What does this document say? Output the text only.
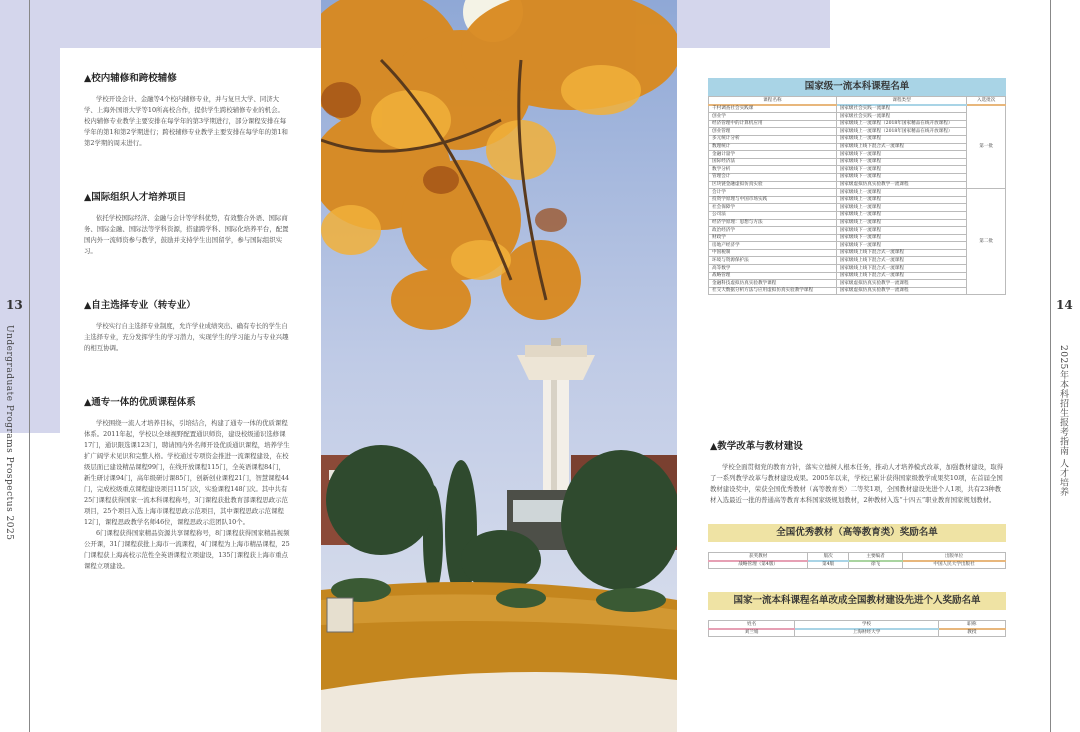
13
Undergraduate Programs Prospectus 2025
14
2025年本科招生报考指南 人才培养
▲校内辅修和跨校辅修

学校开设会计、金融等4个校内辅修专业，并与复旦大学、同济大学、上海外国语大学等10所高校合作，提供学生跨校辅修专业的机会。校内辅修专业教学主要安排在每学年的第3学期进行，部分课程安排在每学年的第1和第2学期进行；跨校辅修专业教学主要安排在每学年的第1和第2学期的周末进行。

▲国际组织人才培养项目

依托学校国际经济、金融与会计等学科优势，有效整合外语、国际商务、国际金融、国际法等学科资源，搭建跨学科、国际化培养平台，配置国内外一流师资参与教学，鼓励并支持学生出国留学，参与国际组织实习。

▲自主选择专业（转专业）

学校实行自主选择专业制度，允许学业成绩突出、确有专长的学生自主选择专业，充分发挥学生的学习潜力，实现学生的学习能力与专业兴趣的相互协调。

▲通专一体的优质课程体系

学校围绕一流人才培养目标，引培结合，构建了通专一体的优质课程体系。2011年起，学校以全球视野配置通识师资，建设校级通识选修课17门，通识限选课123门，聘请国内外名师开设优质通识课程，培养学生扩广阔学术见识和完整人格。学校通过专项资金推进一流课程建设，在校级层面已建设精品课程99门，在线开放课程115门，全英语课程84门，新生研讨课94门，高年级研讨课85门，创新创业课程21门，智慧课程44门，完成校级重点课程建设项目115门次，实验课程148门次。其中共有25门课程获得国家一流本科课程称号，3门课程获批教育部课程思政示范项目，25个项目入选上海市课程思政示范项目，其中课程思政示范课程12门，课程思政教学名师46位，课程思政示范团队10个。

6门课程获得国家精品资源共享课程称号，8门课程获得国家精品视频公开课，31门课程获批上海市一流课程，4门课程为上海市精品课程，25门课程获上海高校示范性全英语课程立项建设，135门课程获上海市重点课程立项建设。

国家级一流本科课程名单
课程名称	课程类型	入选批次
千村调查社会实践课	国家级社会实践一流课程	第一批
创业学	国家级社会实践一流课程	
经济管理中的计算机应用	国家级线上一流课程（2018年国家精品在线开放课程）	
创业管理	国家级线上一流课程（2018年国家精品在线开放课程）	
多元统计分析	国家级线上一流课程	
数理统计	国家级线上线下混合式一流课程	
金融计量学	国家级线下一流课程	
国际经济法	国家级线下一流课程	
数学分析	国家级线下一流课程	
管理会计	国家级线下一流课程	
区块链金融虚拟仿真实验	国家级虚拟仿真实验教学一流课程	
会计学	国家级线上一流课程	第二批
投资学原理与中国市场实践	国家级线上一流课程	
社会保障学	国家级线上一流课程	
公司法	国家级线上一流课程	
经济学原理：思想与方法	国家级线上一流课程	
政治经济学	国家级线下一流课程	
财政学	国家级线下一流课程	
房地产经济学	国家级线下一流课程	
中国税制	国家级线上线下混合式一流课程	
环境与资源保护法	国家级线上线下混合式一流课程	
高等数学	国家级线上线下混合式一流课程	
战略管理	国家级线上线下混合式一流课程	
金融科技虚拟仿真实验教学课程	国家级虚拟仿真实验教学一流课程	
社交大数据分析方法与应用虚拟仿真实验教学课程	国家级虚拟仿真实验教学一流课程	
▲教学改革与教材建设

学校全面贯彻党的教育方针，落实立德树人根本任务，推动人才培养模式改革，加强教材建设，取得了一系列教学改革与教材建设成果。2005年以来，学校已累计获得国家级教学成果奖10项，在首届全国教材建设奖中，荣获全国优秀教材（高等教育类）二等奖1项，全国教材建设先进个人1项，共有23种教材入选最近一批的普通高等教育本科国家级规划教材，2种教材入选“十四五”职业教育国家规划教材。

全国优秀教材（高等教育类）奖励名单
获奖教材	版次	主要编者	出版单位
战略管理（第4版）	第4版	徐飞	中国人民大学出版社
国家一流本科课程名单改成全国教材建设先进个人奖励名单
姓名	学校	职称
刘兰娟	上海财经大学	教授
